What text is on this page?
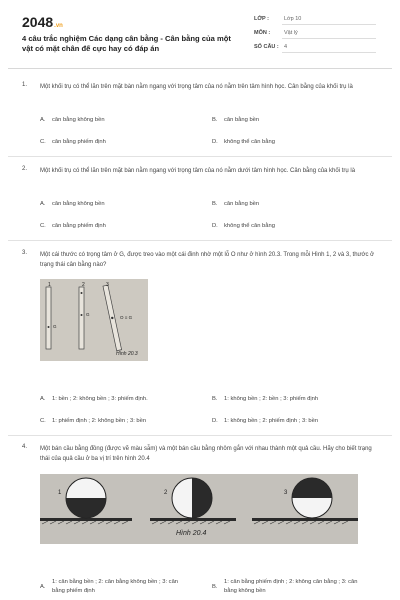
2048.vn
4 câu trắc nghiệm Các dạng cân bằng - Cân bằng của một vật có mặt chân đế cực hay có đáp án
LỚP :	Lớp 10
MÔN :	Vật lý
SỐ CÂU : 4
1. Một khối trụ có thể lăn trên mặt bàn nằm ngang với trọng tâm của nó nằm trên tâm hình học. Cân bằng của khối trụ là
A. cân bằng không bền	B. cân bằng bền
C. cân bằng phiếm định	D. không thể cân bằng
2. Một khối trụ có thể lăn trên mặt bàn nằm ngang với trọng tâm của nó nằm dưới tâm hình học. Cân bằng của khối trụ là
A. cân bằng không bền	B. cân bằng bền
C. cân bằng phiếm định	D. không thể cân bằng
3. Một cái thước có trọng tâm ở G, được treo vào một cái đinh nhờ một lỗ O như ở hình 20.3. Trong mỗi Hình 1, 2 và 3, thước ở trạng thái cân bằng nào?
1	2	3
G
G
O ≡ G
Hình 20.3
A. 1: bền ; 2: không bền ; 3: phiếm định.	B. 1: không bền ; 2: bền ; 3: phiếm định
C. 1: phiếm định ; 2: không bền ; 3: bền	D. 1: không bền ; 2: phiếm định ; 3: bền
4. Một bán cầu bằng đồng (được vẽ màu sẫm) và một bán cầu bằng nhôm gắn với nhau thành một quả cầu. Hãy cho biết trạng thái của quả cầu ở ba vị trí trên hình 20.4
1	2	3
Hình 20.4
A.
1: cân bằng bền ; 2: cân bằng không bền ; 3: cân bằng phiếm định
B.
1: cân bằng phiếm định ; 2: không cân bằng ; 3: cân bằng không bền
